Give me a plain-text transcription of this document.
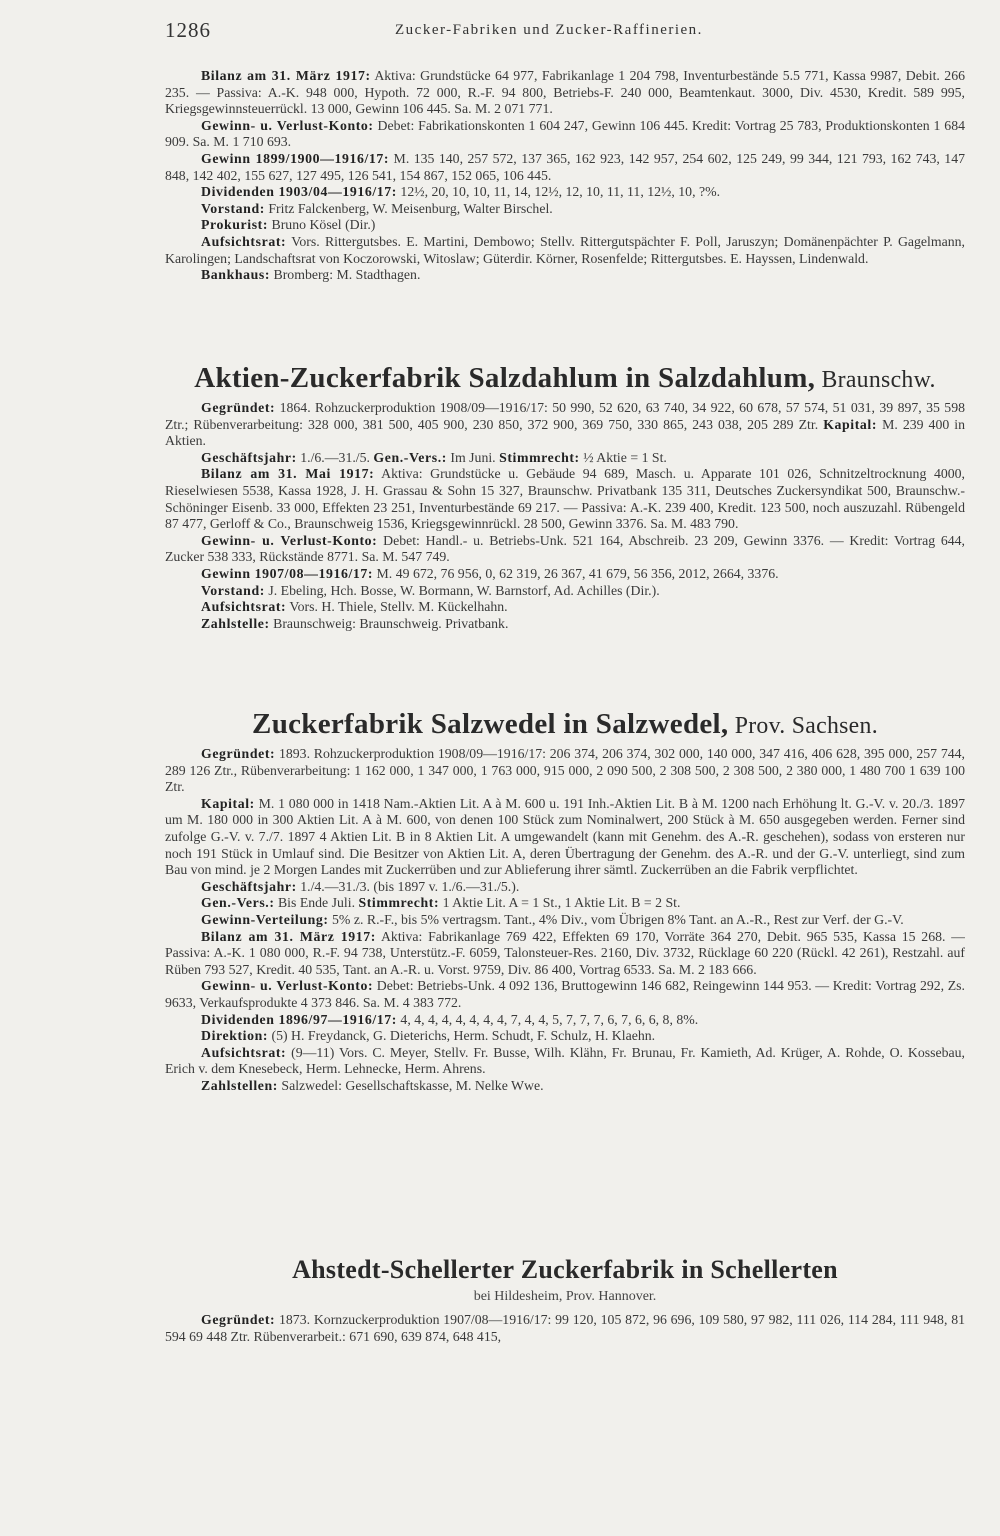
1286	Zucker-Fabriken und Zucker-Raffinerien.

Bilanz am 31. März 1917: Aktiva: Grundstücke 64 977, Fabrikanlage 1 204 798, Inventurbestände 5.5 771, Kassa 9987, Debit. 266 235. — Passiva: A.-K. 948 000, Hypoth. 72 000, R.-F. 94 800, Betriebs-F. 240 000, Beamtenkaut. 3000, Div. 4530, Kredit. 589 995, Kriegsgewinnsteuerrückl. 13 000, Gewinn 106 445. Sa. M. 2 071 771.

Gewinn- u. Verlust-Konto: Debet: Fabrikationskonten 1 604 247, Gewinn 106 445. Kredit: Vortrag 25 783, Produktionskonten 1 684 909. Sa. M. 1 710 693.

Gewinn 1899/1900—1916/17: M. 135 140, 257 572, 137 365, 162 923, 142 957, 254 602, 125 249, 99 344, 121 793, 162 743, 147 848, 142 402, 155 627, 127 495, 126 541, 154 867, 152 065, 106 445.

Dividenden 1903/04—1916/17: 12½, 20, 10, 10, 11, 14, 12½, 12, 10, 11, 11, 12½, 10, ?%.

Vorstand: Fritz Falckenberg, W. Meisenburg, Walter Birschel.

Prokurist: Bruno Kösel (Dir.)

Aufsichtsrat: Vors. Rittergutsbes. E. Martini, Dembowo; Stellv. Rittergutspächter F. Poll, Jaruszyn; Domänenpächter P. Gagelmann, Karolingen; Landschaftsrat von Koczorowski, Witoslaw; Güterdir. Körner, Rosenfelde; Rittergutsbes. E. Hayssen, Lindenwald.

Bankhaus: Bromberg: M. Stadthagen.

Aktien-Zuckerfabrik Salzdahlum in Salzdahlum, Braunschw.

Gegründet: 1864. Rohzuckerproduktion 1908/09—1916/17: 50 990, 52 620, 63 740, 34 922, 60 678, 57 574, 51 031, 39 897, 35 598 Ztr.; Rübenverarbeitung: 328 000, 381 500, 405 900, 230 850, 372 900, 369 750, 330 865, 243 038, 205 289 Ztr. Kapital: M. 239 400 in Aktien.

Geschäftsjahr: 1./6.—31./5. Gen.-Vers.: Im Juni. Stimmrecht: ½ Aktie = 1 St.

Bilanz am 31. Mai 1917: Aktiva: Grundstücke u. Gebäude 94 689, Masch. u. Apparate 101 026, Schnitzeltrocknung 4000, Rieselwiesen 5538, Kassa 1928, J. H. Grassau & Sohn 15 327, Braunschw. Privatbank 135 311, Deutsches Zuckersyndikat 500, Braunschw.-Schöninger Eisenb. 33 000, Effekten 23 251, Inventurbestände 69 217. — Passiva: A.-K. 239 400, Kredit. 123 500, noch auszuzahl. Rübengeld 87 477, Gerloff & Co., Braunschweig 1536, Kriegsgewinnrückl. 28 500, Gewinn 3376. Sa. M. 483 790.

Gewinn- u. Verlust-Konto: Debet: Handl.- u. Betriebs-Unk. 521 164, Abschreib. 23 209, Gewinn 3376. — Kredit: Vortrag 644, Zucker 538 333, Rückstände 8771. Sa. M. 547 749.

Gewinn 1907/08—1916/17: M. 49 672, 76 956, 0, 62 319, 26 367, 41 679, 56 356, 2012, 2664, 3376.

Vorstand: J. Ebeling, Hch. Bosse, W. Bormann, W. Barnstorf, Ad. Achilles (Dir.).

Aufsichtsrat: Vors. H. Thiele, Stellv. M. Kückelhahn.

Zahlstelle: Braunschweig: Braunschweig. Privatbank.

Zuckerfabrik Salzwedel in Salzwedel, Prov. Sachsen.

Gegründet: 1893. Rohzuckerproduktion 1908/09—1916/17: 206 374, 206 374, 302 000, 140 000, 347 416, 406 628, 395 000, 257 744, 289 126 Ztr., Rübenverarbeitung: 1 162 000, 1 347 000, 1 763 000, 915 000, 2 090 500, 2 308 500, 2 308 500, 2 380 000, 1 480 700 1 639 100 Ztr.

Kapital: M. 1 080 000 in 1418 Nam.-Aktien Lit. A à M. 600 u. 191 Inh.-Aktien Lit. B à M. 1200 nach Erhöhung lt. G.-V. v. 20./3. 1897 um M. 180 000 in 300 Aktien Lit. A à M. 600, von denen 100 Stück zum Nominalwert, 200 Stück à M. 650 ausgegeben werden. Ferner sind zufolge G.-V. v. 7./7. 1897 4 Aktien Lit. B in 8 Aktien Lit. A umgewandelt (kann mit Genehm. des A.-R. geschehen), sodass von ersteren nur noch 191 Stück in Umlauf sind. Die Besitzer von Aktien Lit. A, deren Übertragung der Genehm. des A.-R. und der G.-V. unterliegt, sind zum Bau von mind. je 2 Morgen Landes mit Zuckerrüben und zur Ablieferung ihrer sämtl. Zuckerrüben an die Fabrik verpflichtet.

Geschäftsjahr: 1./4.—31./3. (bis 1897 v. 1./6.—31./5.).

Gen.-Vers.: Bis Ende Juli. Stimmrecht: 1 Aktie Lit. A = 1 St., 1 Aktie Lit. B = 2 St.

Gewinn-Verteilung: 5% z. R.-F., bis 5% vertragsm. Tant., 4% Div., vom Übrigen 8% Tant. an A.-R., Rest zur Verf. der G.-V.

Bilanz am 31. März 1917: Aktiva: Fabrikanlage 769 422, Effekten 69 170, Vorräte 364 270, Debit. 965 535, Kassa 15 268. — Passiva: A.-K. 1 080 000, R.-F. 94 738, Unterstütz.-F. 6059, Talonsteuer-Res. 2160, Div. 3732, Rücklage 60 220 (Rückl. 42 261), Restzahl. auf Rüben 793 527, Kredit. 40 535, Tant. an A.-R. u. Vorst. 9759, Div. 86 400, Vortrag 6533. Sa. M. 2 183 666.

Gewinn- u. Verlust-Konto: Debet: Betriebs-Unk. 4 092 136, Bruttogewinn 146 682, Reingewinn 144 953. — Kredit: Vortrag 292, Zs. 9633, Verkaufsprodukte 4 373 846. Sa. M. 4 383 772.

Dividenden 1896/97—1916/17: 4, 4, 4, 4, 4, 4, 4, 4, 7, 4, 4, 5, 7, 7, 7, 6, 7, 6, 6, 8, 8%.

Direktion: (5) H. Freydanck, G. Dieterichs, Herm. Schudt, F. Schulz, H. Klaehn.

Aufsichtsrat: (9—11) Vors. C. Meyer, Stellv. Fr. Busse, Wilh. Klähn, Fr. Brunau, Fr. Kamieth, Ad. Krüger, A. Rohde, O. Kossebau, Erich v. dem Knesebeck, Herm. Lehnecke, Herm. Ahrens.

Zahlstellen: Salzwedel: Gesellschaftskasse, M. Nelke Wwe.

Ahstedt-Schellerter Zuckerfabrik in Schellerten
bei Hildesheim, Prov. Hannover.

Gegründet: 1873. Kornzuckerproduktion 1907/08—1916/17: 99 120, 105 872, 96 696, 109 580, 97 982, 111 026, 114 284, 111 948, 81 594 69 448 Ztr. Rübenverarbeit.: 671 690, 639 874, 648 415,
